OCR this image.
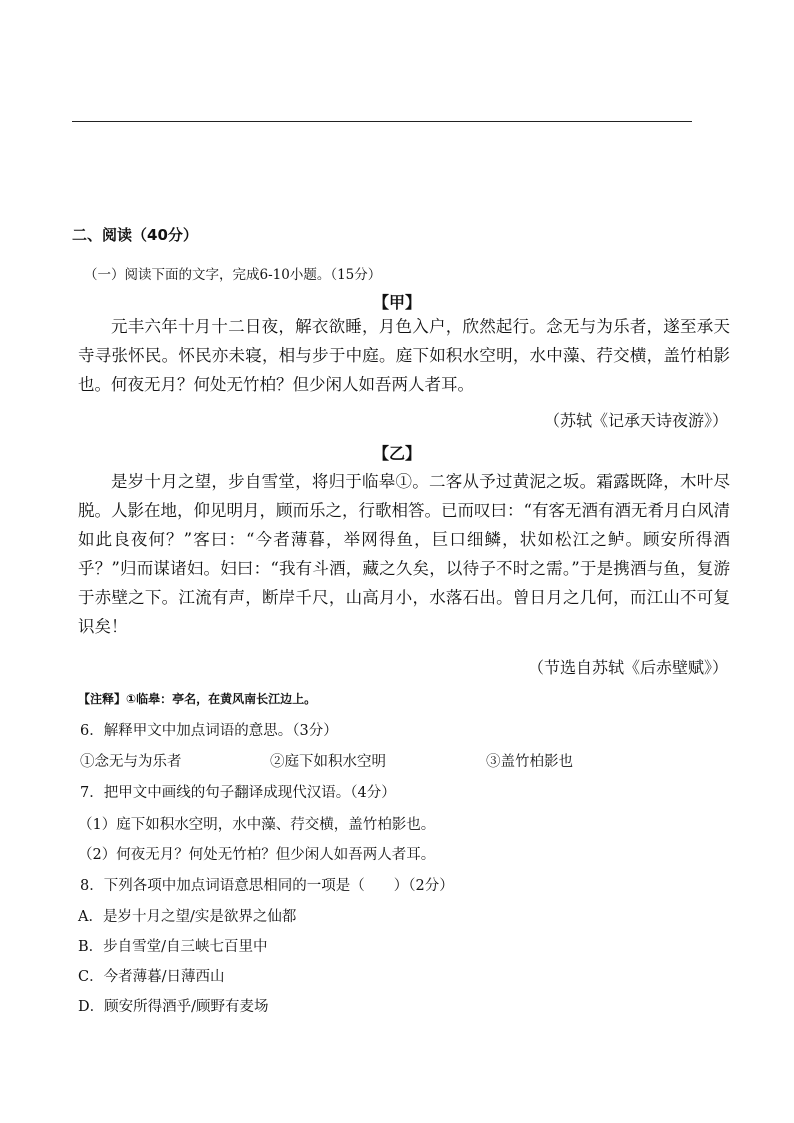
二、阅读（40分）
（一）阅读下面的文字，完成6-10小题。（15分）
【甲】

元丰六年十月十二日夜，解衣欲睡，月色入户，欣然起行。念无与为乐者，遂至承天寺寻张怀民。怀民亦未寝，相与步于中庭。庭下如积水空明，水中藻、荇交横，盖竹柏影也。何夜无月？何处无竹柏？但少闲人如吾两人者耳。

（苏轼《记承天诗夜游》）
【乙】

是岁十月之望，步自雪堂，将归于临皋①。二客从予过黄泥之坂。霜露既降，木叶尽脱。人影在地，仰见明月，顾而乐之，行歌相答。已而叹曰：“有客无酒有酒无肴月白风清如此良夜何？”客曰：“今者薄暮，举网得鱼，巨口细鳞，状如松江之鲈。顾安所得酒乎？”归而谋诸妇。妇曰：“我有斗酒，藏之久矣，以待子不时之需。”于是携酒与鱼，复游于赤壁之下。江流有声，断岸千尺，山高月小，水落石出。曾日月之几何，而江山不可复识矣！

（节选自苏轼《后赤壁赋》）
【注释】①临皋：亭名，在黄风南长江边上。
6．解释甲文中加点词语的意思。（3分）
①念无与为乐者	②庭下如积水空明	③盖竹柏影也
7．把甲文中画线的句子翻译成现代汉语。（4分）
（1）庭下如积水空明，水中藻、荇交横，盖竹柏影也。
（2）何夜无月？何处无竹柏？但少闲人如吾两人者耳。
8．下列各项中加点词语意思相同的一项是（　　）（2分）
A．是岁十月之望/实是欲界之仙都
B．步自雪堂/自三峡七百里中
C．今者薄暮/日薄西山
D．顾安所得酒乎/顾野有麦场
